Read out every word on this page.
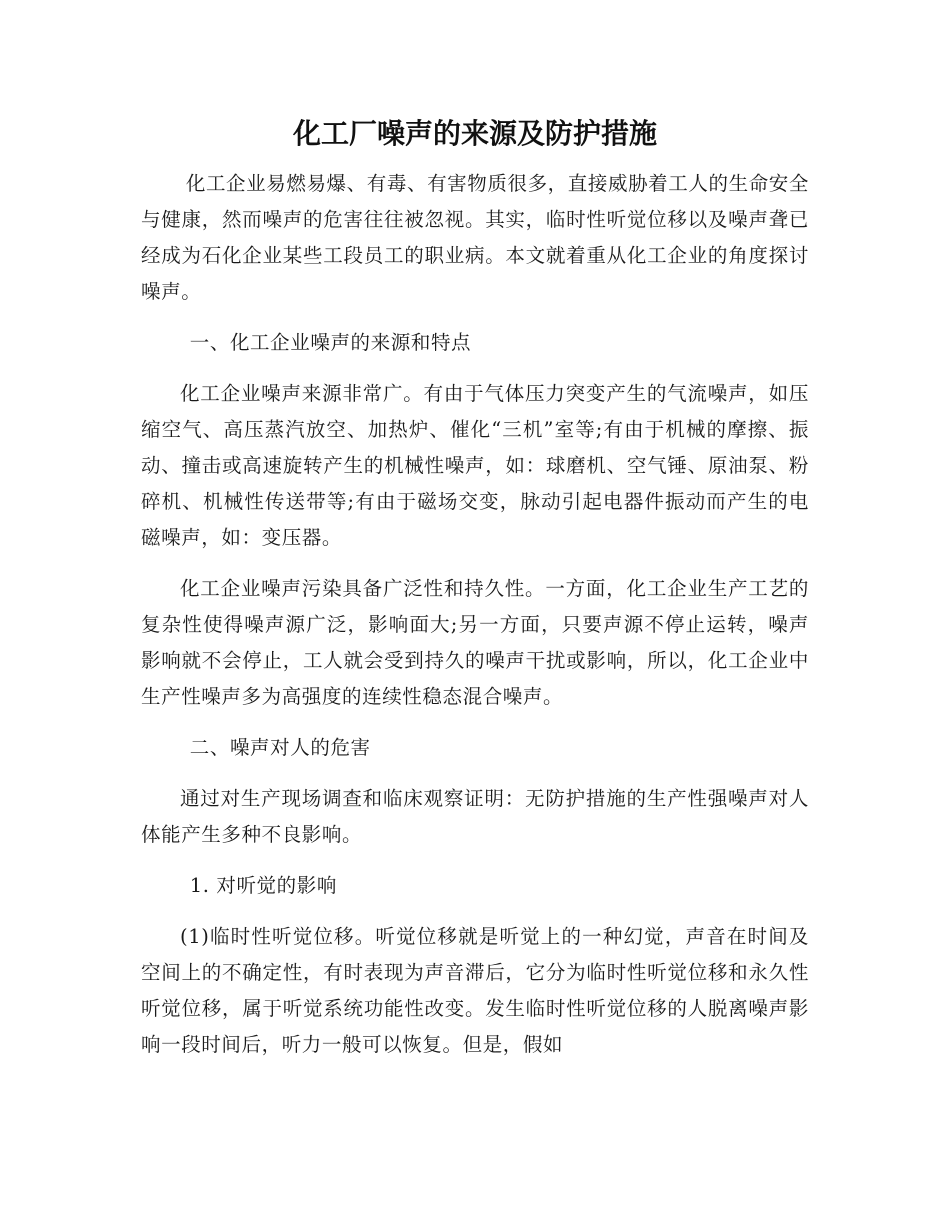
化工厂噪声的来源及防护措施

化工企业易燃易爆、有毒、有害物质很多，直接威胁着工人的生命安全与健康，然而噪声的危害往往被忽视。其实，临时性听觉位移以及噪声聋已经成为石化企业某些工段员工的职业病。本文就着重从化工企业的角度探讨噪声。

一、化工企业噪声的来源和特点

化工企业噪声来源非常广。有由于气体压力突变产生的气流噪声，如压缩空气、高压蒸汽放空、加热炉、催化“三机”室等;有由于机械的摩擦、振动、撞击或高速旋转产生的机械性噪声，如：球磨机、空气锤、原油泵、粉碎机、机械性传送带等;有由于磁场交变，脉动引起电器件振动而产生的电磁噪声，如：变压器。

化工企业噪声污染具备广泛性和持久性。一方面，化工企业生产工艺的复杂性使得噪声源广泛，影响面大;另一方面，只要声源不停止运转，噪声影响就不会停止，工人就会受到持久的噪声干扰或影响，所以，化工企业中生产性噪声多为高强度的连续性稳态混合噪声。

二、噪声对人的危害

通过对生产现场调查和临床观察证明：无防护措施的生产性强噪声对人体能产生多种不良影响。

1. 对听觉的影响

(1)临时性听觉位移。听觉位移就是听觉上的一种幻觉，声音在时间及空间上的不确定性，有时表现为声音滞后，它分为临时性听觉位移和永久性听觉位移，属于听觉系统功能性改变。发生临时性听觉位移的人脱离噪声影响一段时间后，听力一般可以恢复。但是，假如
